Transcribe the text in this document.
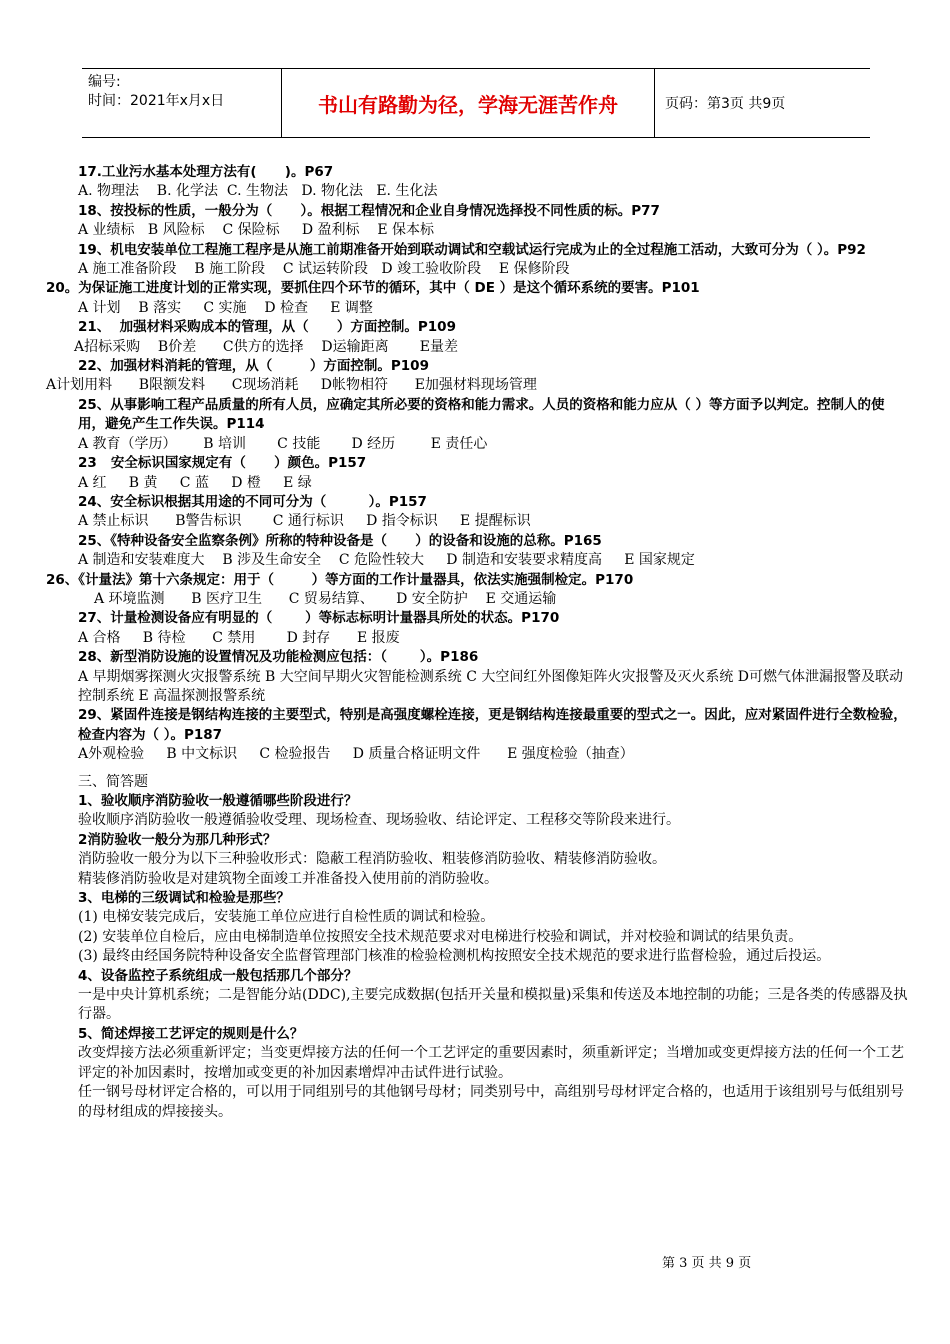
编号:
时间：2021年x月x日	书山有路勤为径，学海无涯苦作舟	页码：第3页 共9页
17.工业污水基本处理方法有(      )。P67
A. 物理法    B. 化学法  C. 生物法   D. 物化法   E. 生化法
18、按投标的性质，一般分为（      ）。根据工程情况和企业自身情况选择投不同性质的标。P77
A 业绩标   B 风险标    C 保险标     D 盈利标    E 保本标
19、机电安装单位工程施工程序是从施工前期准备开始到联动调试和空载试运行完成为止的全过程施工活动，大致可分为（ ）。P92
A 施工准备阶段    B 施工阶段    C 试运转阶段   D 竣工验收阶段    E 保修阶段
20。为保证施工进度计划的正常实现，要抓住四个环节的循环，其中（ DE ）是这个循环系统的要害。P101
A 计划    B 落实     C 实施    D 检查     E 调整
21、  加强材料采购成本的管理，从（      ）方面控制。P109
A招标采购    B价差      C供方的选择    D运输距离       E量差
22、加强材料消耗的管理，从（        ）方面控制。P109
A计划用料      B限额发料      C现场消耗     D帐物相符      E加强材料现场管理
25、从事影响工程产品质量的所有人员，应确定其所必要的资格和能力需求。人员的资格和能力应从（ ）等方面予以判定。控制人的使用，避免产生工作失误。P114
A 教育（学历）      B 培训       C 技能       D 经历        E 责任心
23   安全标识国家规定有（      ）颜色。P157
A 红     B 黄     C 蓝     D 橙     E 绿
24、安全标识根据其用途的不同可分为（         ）。P157
A 禁止标识      B警告标识       C 通行标识     D 指令标识     E 提醒标识
25、《特种设备安全监察条例》所称的特种设备是（      ）的设备和设施的总称。P165
A 制造和安装难度大    B 涉及生命安全    C 危险性较大     D 制造和安装要求精度高     E 国家规定
26、《计量法》第十六条规定：用于（        ）等方面的工作计量器具，依法实施强制检定。P170
A 环境监测      B 医疗卫生      C 贸易结算、     D 安全防护    E 交通运输
27、计量检测设备应有明显的（       ）等标志标明计量器具所处的状态。P170
A 合格     B 待检      C 禁用       D 封存      E 报废
28、新型消防设施的设置情况及功能检测应包括：（       ）。P186
A 早期烟雾探测火灾报警系统 B 大空间早期火灾智能检测系统 C 大空间红外图像矩阵火灾报警及灭火系统 D可燃气体泄漏报警及联动控制系统 E 高温探测报警系统
29、紧固件连接是钢结构连接的主要型式，特别是高强度螺栓连接，更是钢结构连接最重要的型式之一。因此，应对紧固件进行全数检验，检查内容为（ ）。P187
A外观检验     B 中文标识     C 检验报告     D 质量合格证明文件      E 强度检验（抽查）
三、简答题
1、验收顺序消防验收一般遵循哪些阶段进行？
验收顺序消防验收一般遵循验收受理、现场检查、现场验收、结论评定、工程移交等阶段来进行。
2消防验收一般分为那几种形式？
消防验收一般分为以下三种验收形式：隐蔽工程消防验收、粗装修消防验收、精装修消防验收。
精装修消防验收是对建筑物全面竣工并准备投入使用前的消防验收。
3、电梯的三级调试和检验是那些？
(1) 电梯安装完成后，安装施工单位应进行自检性质的调试和检验。
(2) 安装单位自检后，应由电梯制造单位按照安全技术规范要求对电梯进行校验和调试，并对校验和调试的结果负责。
(3) 最终由经国务院特种设备安全监督管理部门核准的检验检测机构按照安全技术规范的要求进行监督检验，通过后投运。
4、设备监控子系统组成一般包括那几个部分？
一是中央计算机系统；二是智能分站(DDC),主要完成数据(包括开关量和模拟量)采集和传送及本地控制的功能；三是各类的传感器及执行器。
5、简述焊接工艺评定的规则是什么？
改变焊接方法必须重新评定；当变更焊接方法的任何一个工艺评定的重要因素时，须重新评定；当增加或变更焊接方法的任何一个工艺评定的补加因素时，按增加或变更的补加因素增焊冲击试件进行试验。
任一钢号母材评定合格的，可以用于同组别号的其他钢号母材；同类别号中，高组别号母材评定合格的，也适用于该组别号与低组别号的母材组成的焊接接头。
第 3 页 共 9 页
